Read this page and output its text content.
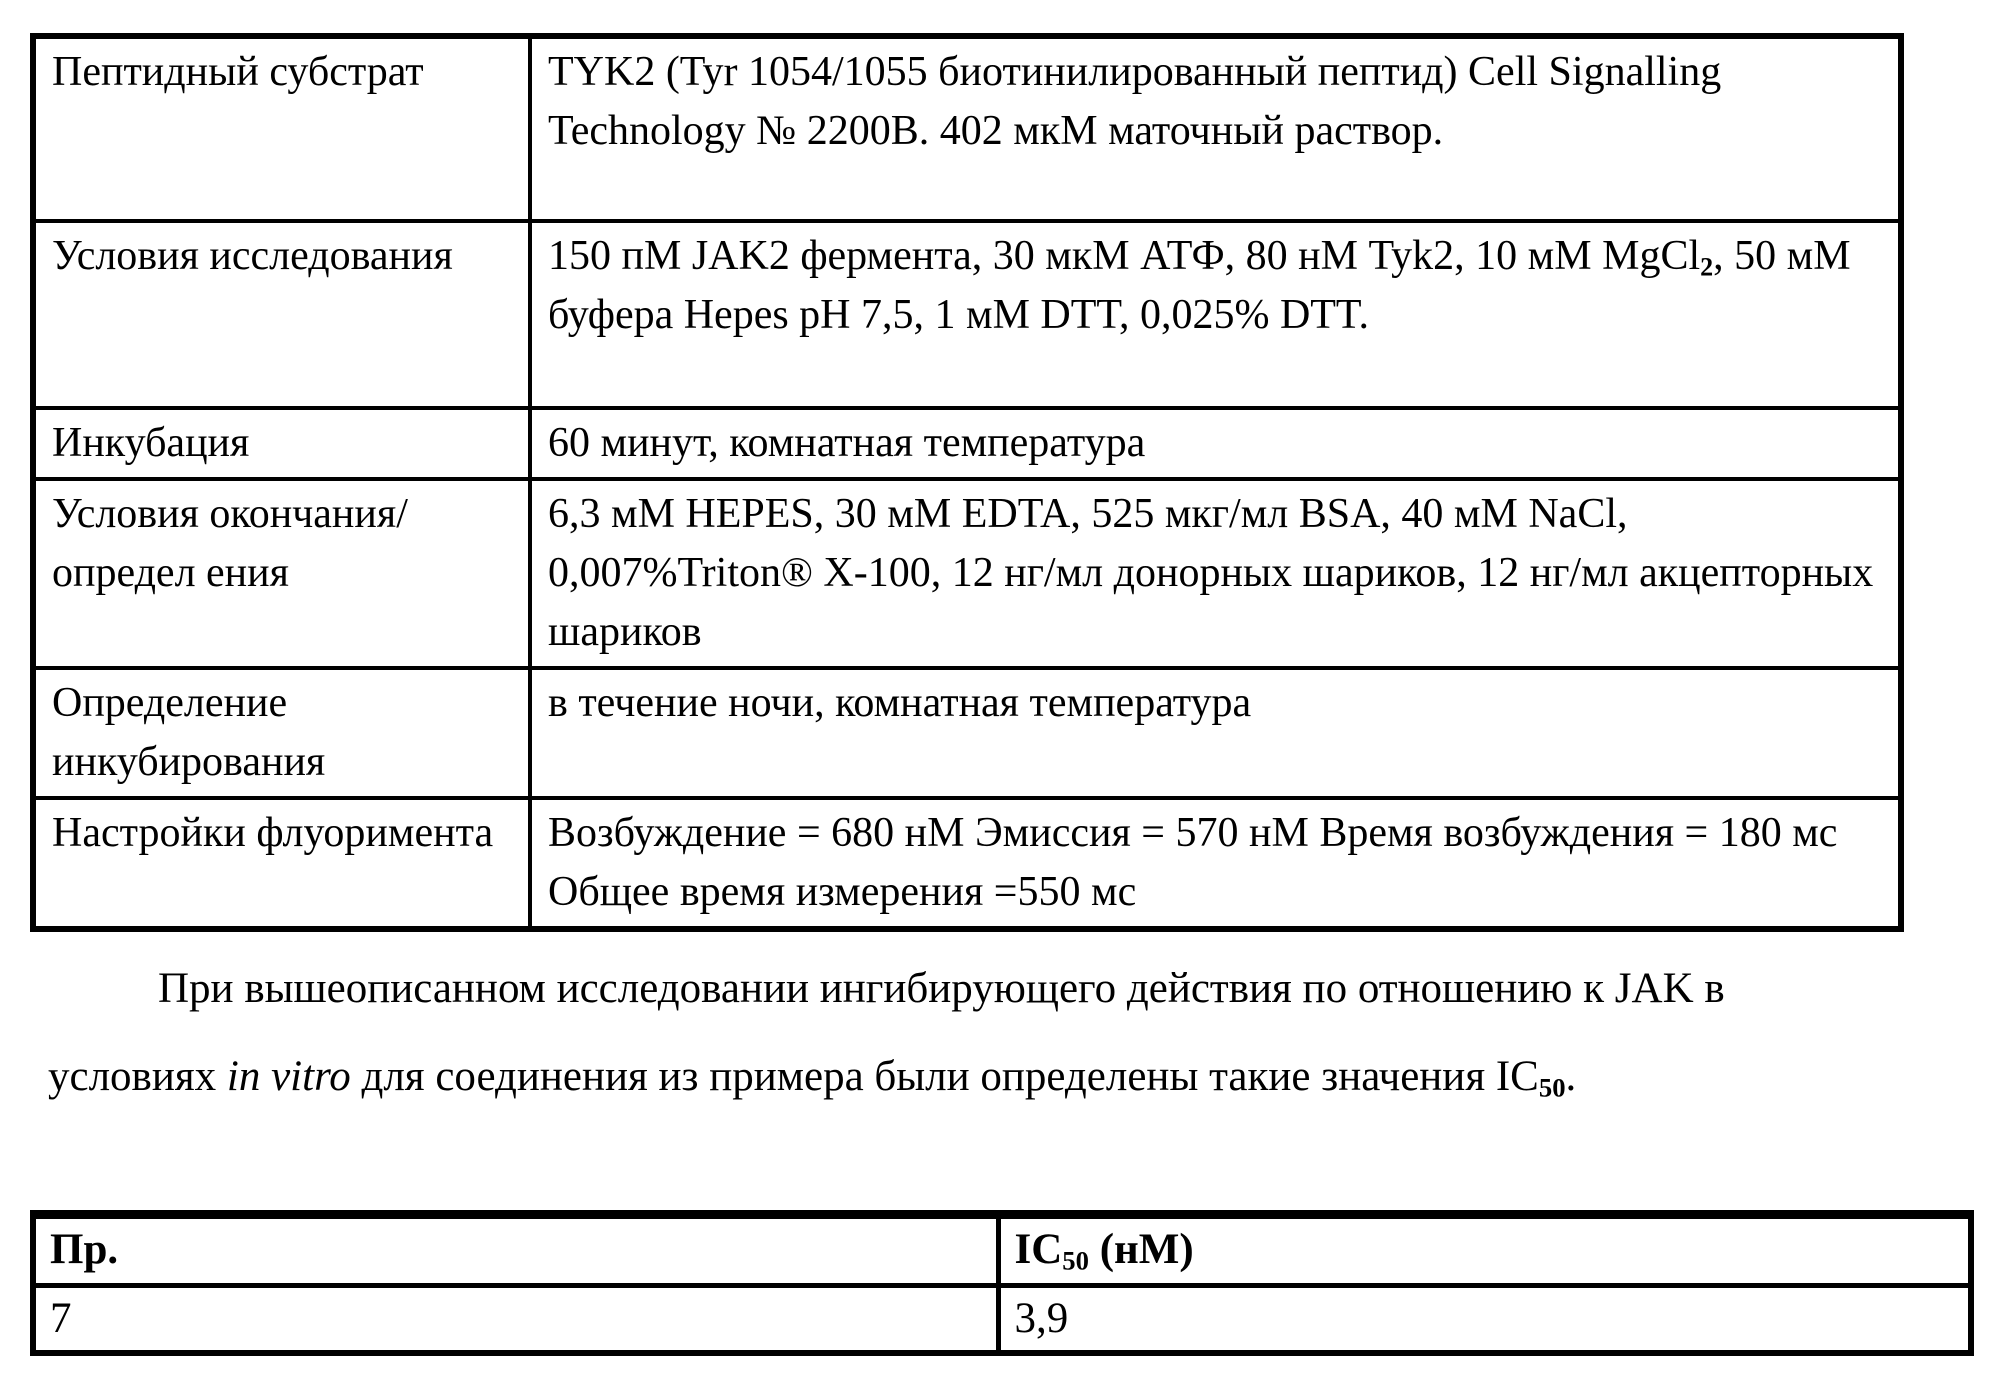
Пептидный субстрат	TYK2 (Tyr 1054/1055 биотинилированный пептид) Cell Signalling Technology № 2200B. 402 мкМ маточный раствор.
Условия исследования	150 пМ JAK2 фермента, 30 мкМ АТФ, 80 нМ Tyk2, 10 мМ MgCl$_2$, 50 мМ буфера Hepes pH 7,5, 1 мМ DTT, 0,025% DTT.
Инкубация	60 минут, комнатная температура
Условия окончания/определ ения	6,3 мМ HEPES, 30 мМ EDTA, 525 мкг/мл BSA, 40 мМ NaCl, 0,007%Triton® X-100, 12 нг/мл донорных шариков, 12 нг/мл акцепторных шариков
Определение инкубирования	в течение ночи, комнатная температура
Настройки флуоримента	Возбуждение = 680 нМ Эмиссия = 570 нМ Время возбуждения = 180 мс Общее время измерения =550 мс
При вышеописанном исследовании ингибирующего действия по отношению к JAK в условиях in vitro для соединения из примера были определены такие значения $IC_{50}$.
Пр.	$IC_{50}$ (нМ)
7	3,9
